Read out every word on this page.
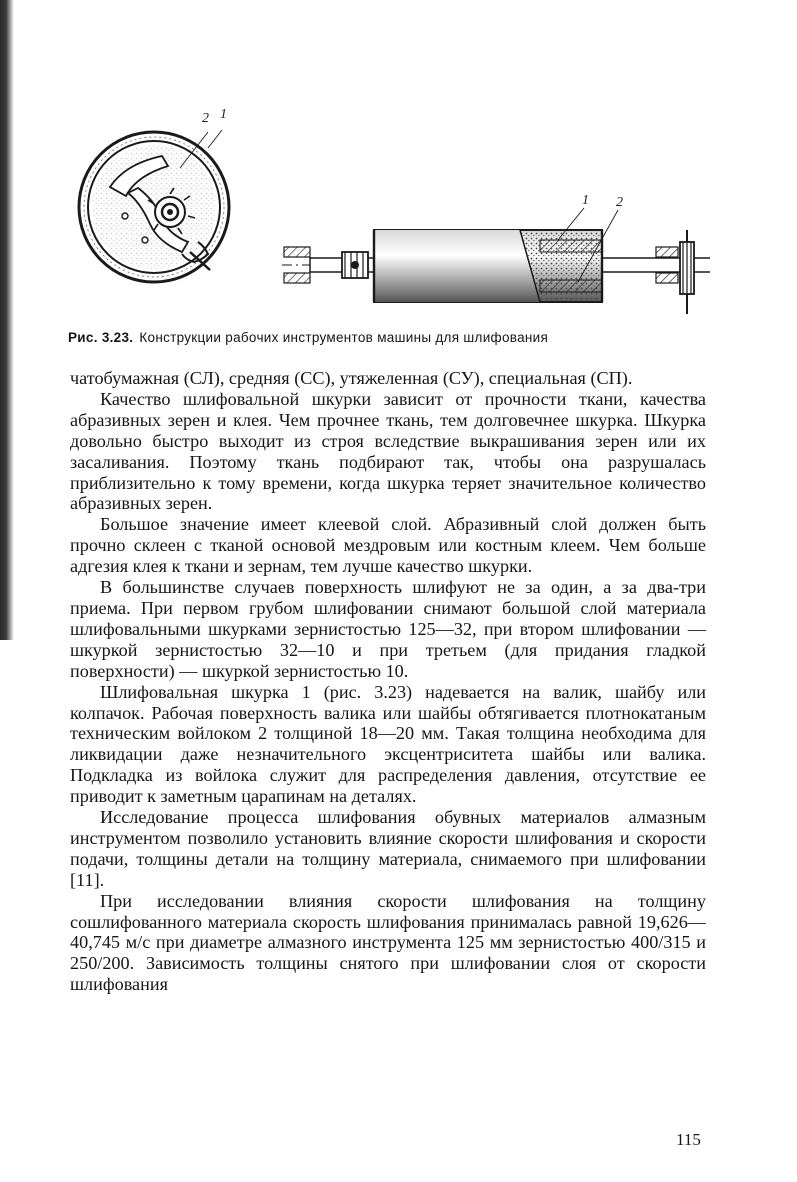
2 1
1 2
Рис. 3.23. Конструкции рабочих инструментов машины для шлифования

чатобумажная (СЛ), средняя (СС), утяжеленная (СУ), специальная (СП).

Качество шлифовальной шкурки зависит от прочности ткани, качества абразивных зерен и клея. Чем прочнее ткань, тем долговечнее шкурка. Шкурка довольно быстро выходит из строя вследствие выкрашивания зерен или их засаливания. Поэтому ткань подбирают так, чтобы она разрушалась приблизительно к тому времени, когда шкурка теряет значительное количество абразивных зерен.

Большое значение имеет клеевой слой. Абразивный слой должен быть прочно склеен с тканой основой мездровым или костным клеем. Чем больше адгезия клея к ткани и зернам, тем лучше качество шкурки.

В большинстве случаев поверхность шлифуют не за один, а за два-три приема. При первом грубом шлифовании снимают большой слой материала шлифовальными шкурками зернистостью 125—32, при втором шлифовании — шкуркой зернистостью 32—10 и при третьем (для придания гладкой поверхности) — шкуркой зернистостью 10.

Шлифовальная шкурка 1 (рис. 3.23) надевается на валик, шайбу или колпачок. Рабочая поверхность валика или шайбы обтягивается плотнокатаным техническим войлоком 2 толщиной 18—20 мм. Такая толщина необходима для ликвидации даже незначительного эксцентриситета шайбы или валика. Подкладка из войлока служит для распределения давления, отсутствие ее приводит к заметным царапинам на деталях.

Исследование процесса шлифования обувных материалов алмазным инструментом позволило установить влияние скорости шлифования и скорости подачи, толщины детали на толщину материала, снимаемого при шлифовании [11].

При исследовании влияния скорости шлифования на толщину сошлифованного материала скорость шлифования принималась равной 19,626—40,745 м/с при диаметре алмазного инструмента 125 мм зернистостью 400/315 и 250/200. Зависимость толщины снятого при шлифовании слоя от скорости шлифования

115
